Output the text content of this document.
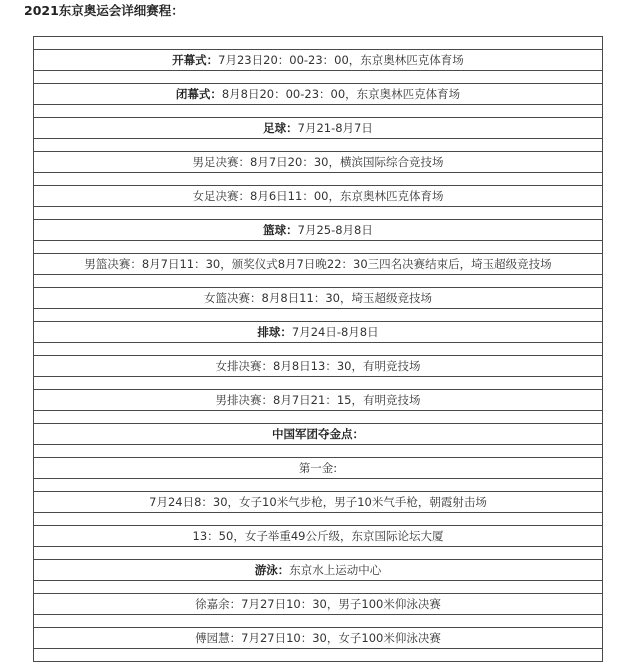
2021东京奥运会详细赛程：

开幕式：7月23日20：00-23：00，东京奥林匹克体育场

闭幕式：8月8日20：00-23：00，东京奥林匹克体育场

足球：7月21-8月7日

男足决赛：8月7日20：30，横滨国际综合竞技场

女足决赛：8月6日11：00，东京奥林匹克体育场

篮球：7月25-8月8日

男篮决赛：8月7日11：30，颁奖仪式8月7日晚22：30三四名决赛结束后，埼玉超级竞技场

女篮决赛：8月8日11：30，埼玉超级竞技场

排球：7月24日-8月8日

女排决赛：8月8日13：30，有明竞技场

男排决赛：8月7日21：15，有明竞技场

中国军团夺金点：

第一金:

7月24日8：30，女子10米气步枪，男子10米气手枪，朝霞射击场

13：50，女子举重49公斤级，东京国际论坛大厦

游泳：东京水上运动中心

徐嘉余：7月27日10：30，男子100米仰泳决赛

傅园慧：7月27日10：30，女子100米仰泳决赛
